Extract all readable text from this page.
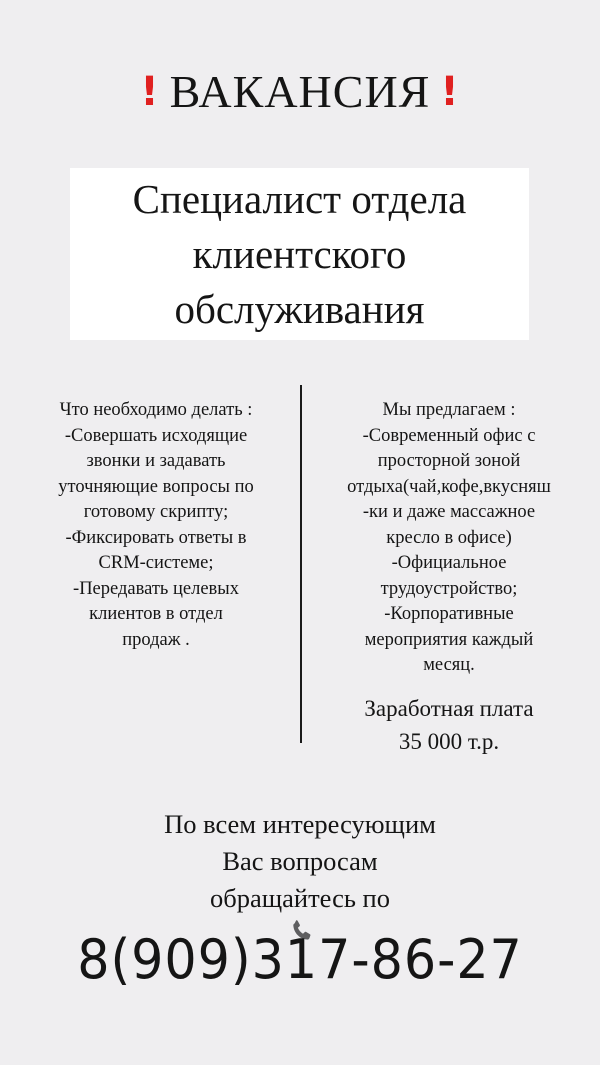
! ВАКАНСИЯ !
Специалист отдела
клиентского
обслуживания
Что необходимо делать :
-Совершать исходящие
звонки и задавать
уточняющие вопросы по
готовому скрипту;
-Фиксировать ответы в
CRM-системе;
-Передавать целевых
клиентов в отдел
продаж .
Мы предлагаем :
-Современный офис с
просторной зоной
отдыха(чай,кофе,вкусняш
-ки и даже массажное
кресло в офисе)
-Официальное
трудоустройство;
-Корпоративные
мероприятия каждый
месяц.
Заработная плата
35 000 т.р.
По всем интересующим
Вас вопросам
обращайтесь по
8(909)317-86-27
